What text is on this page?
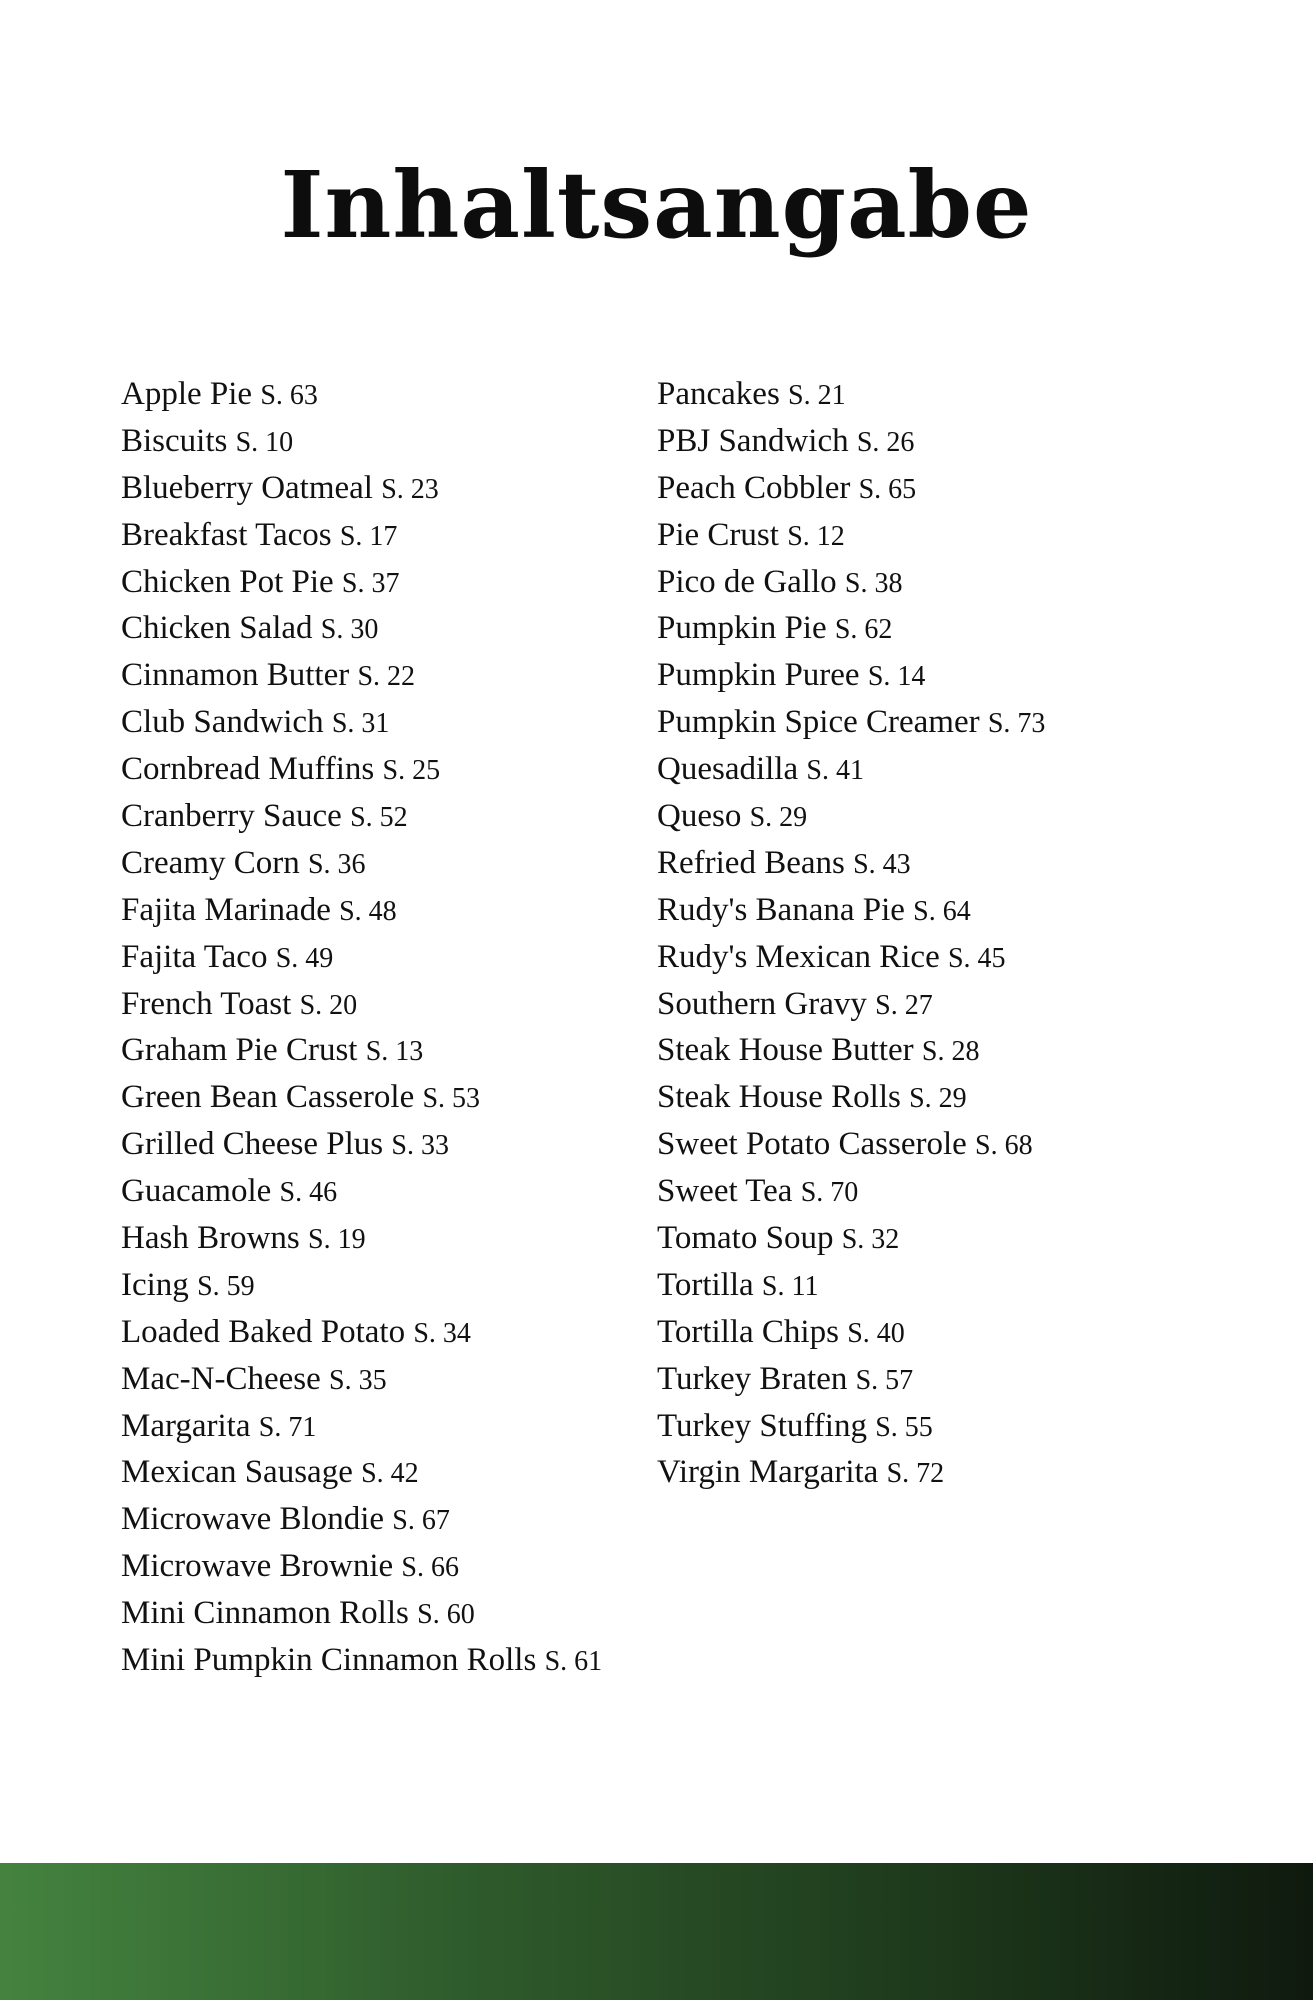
Inhaltsangabe
Apple Pie S. 63
Biscuits S. 10
Blueberry Oatmeal S. 23
Breakfast Tacos S. 17
Chicken Pot Pie S. 37
Chicken Salad S. 30
Cinnamon Butter S. 22
Club Sandwich S. 31
Cornbread Muffins S. 25
Cranberry Sauce S. 52
Creamy Corn S. 36
Fajita Marinade S. 48
Fajita Taco S. 49
French Toast S. 20
Graham Pie Crust S. 13
Green Bean Casserole S. 53
Grilled Cheese Plus S. 33
Guacamole S. 46
Hash Browns S. 19
Icing S. 59
Loaded Baked Potato S. 34
Mac-N-Cheese S. 35
Margarita S. 71
Mexican Sausage S. 42
Microwave Blondie S. 67
Microwave Brownie S. 66
Mini Cinnamon Rolls S. 60
Mini Pumpkin Cinnamon Rolls S. 61
Pancakes S. 21
PBJ Sandwich S. 26
Peach Cobbler S. 65
Pie Crust S. 12
Pico de Gallo S. 38
Pumpkin Pie S. 62
Pumpkin Puree S. 14
Pumpkin Spice Creamer S. 73
Quesadilla S. 41
Queso S. 29
Refried Beans S. 43
Rudy's Banana Pie S. 64
Rudy's Mexican Rice S. 45
Southern Gravy S. 27
Steak House Butter S. 28
Steak House Rolls S. 29
Sweet Potato Casserole S. 68
Sweet Tea S. 70
Tomato Soup S. 32
Tortilla S. 11
Tortilla Chips S. 40
Turkey Braten S. 57
Turkey Stuffing S. 55
Virgin Margarita S. 72
